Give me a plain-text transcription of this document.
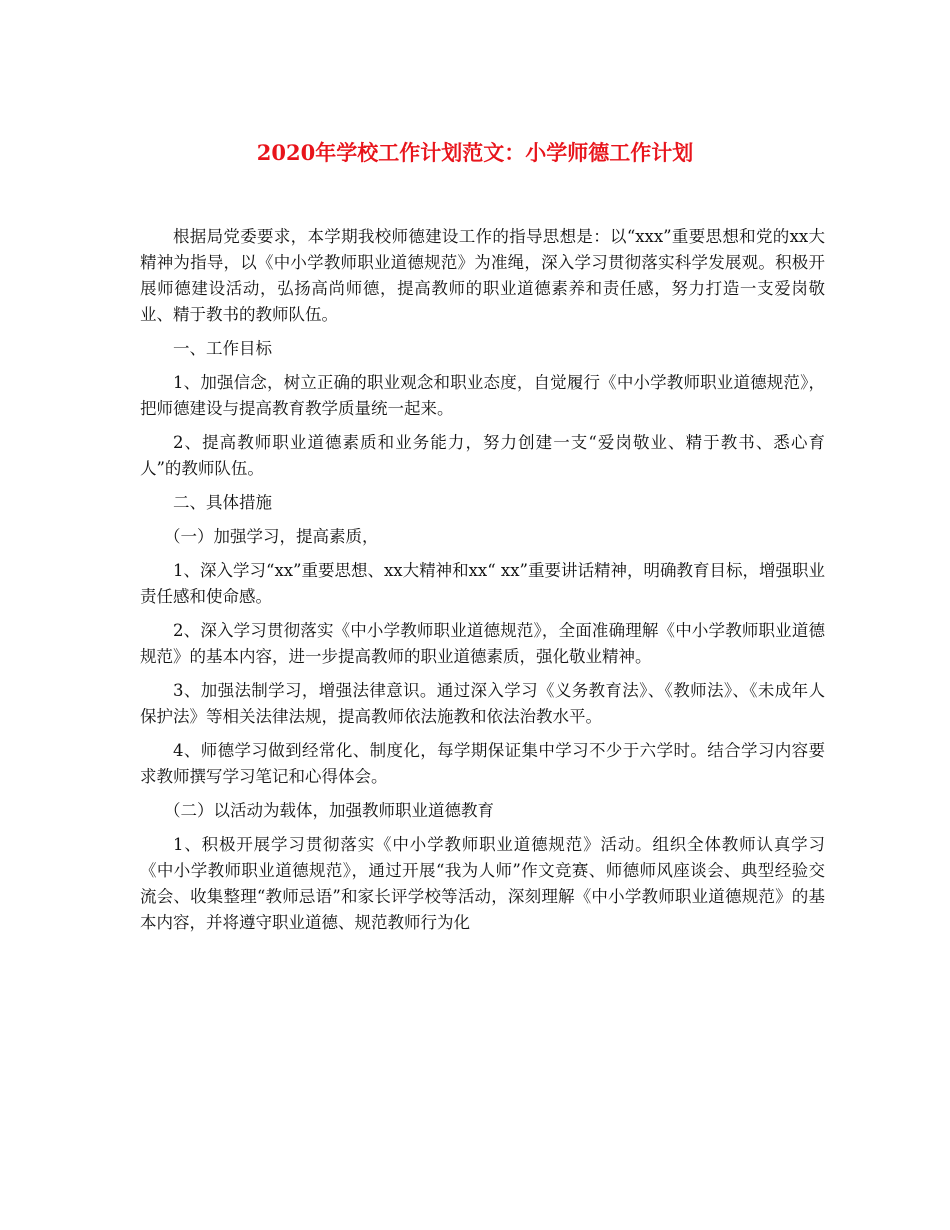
2020年学校工作计划范文：小学师德工作计划

根据局党委要求，本学期我校师德建设工作的指导思想是：以“xxx”重要思想和党的xx大精神为指导，以《中小学教师职业道德规范》为准绳，深入学习贯彻落实科学发展观。积极开展师德建设活动，弘扬高尚师德，提高教师的职业道德素养和责任感，努力打造一支爱岗敬业、精于教书的教师队伍。

一、工作目标

1、加强信念，树立正确的职业观念和职业态度，自觉履行《中小学教师职业道德规范》，把师德建设与提高教育教学质量统一起来。

2、提高教师职业道德素质和业务能力，努力创建一支“爱岗敬业、精于教书、悉心育人”的教师队伍。

二、具体措施

（一）加强学习，提高素质，

1、深入学习“xx”重要思想、xx大精神和xx“ xx”重要讲话精神，明确教育目标，增强职业责任感和使命感。

2、深入学习贯彻落实《中小学教师职业道德规范》，全面准确理解《中小学教师职业道德规范》的基本内容，进一步提高教师的职业道德素质，强化敬业精神。

3、加强法制学习，增强法律意识。通过深入学习《义务教育法》、《教师法》、《未成年人保护法》等相关法律法规，提高教师依法施教和依法治教水平。

4、师德学习做到经常化、制度化，每学期保证集中学习不少于六学时。结合学习内容要求教师撰写学习笔记和心得体会。

（二）以活动为载体，加强教师职业道德教育

1、积极开展学习贯彻落实《中小学教师职业道德规范》活动。组织全体教师认真学习《中小学教师职业道德规范》，通过开展“我为人师”作文竞赛、师德师风座谈会、典型经验交流会、收集整理“教师忌语”和家长评学校等活动，深刻理解《中小学教师职业道德规范》的基本内容，并将遵守职业道德、规范教师行为化
